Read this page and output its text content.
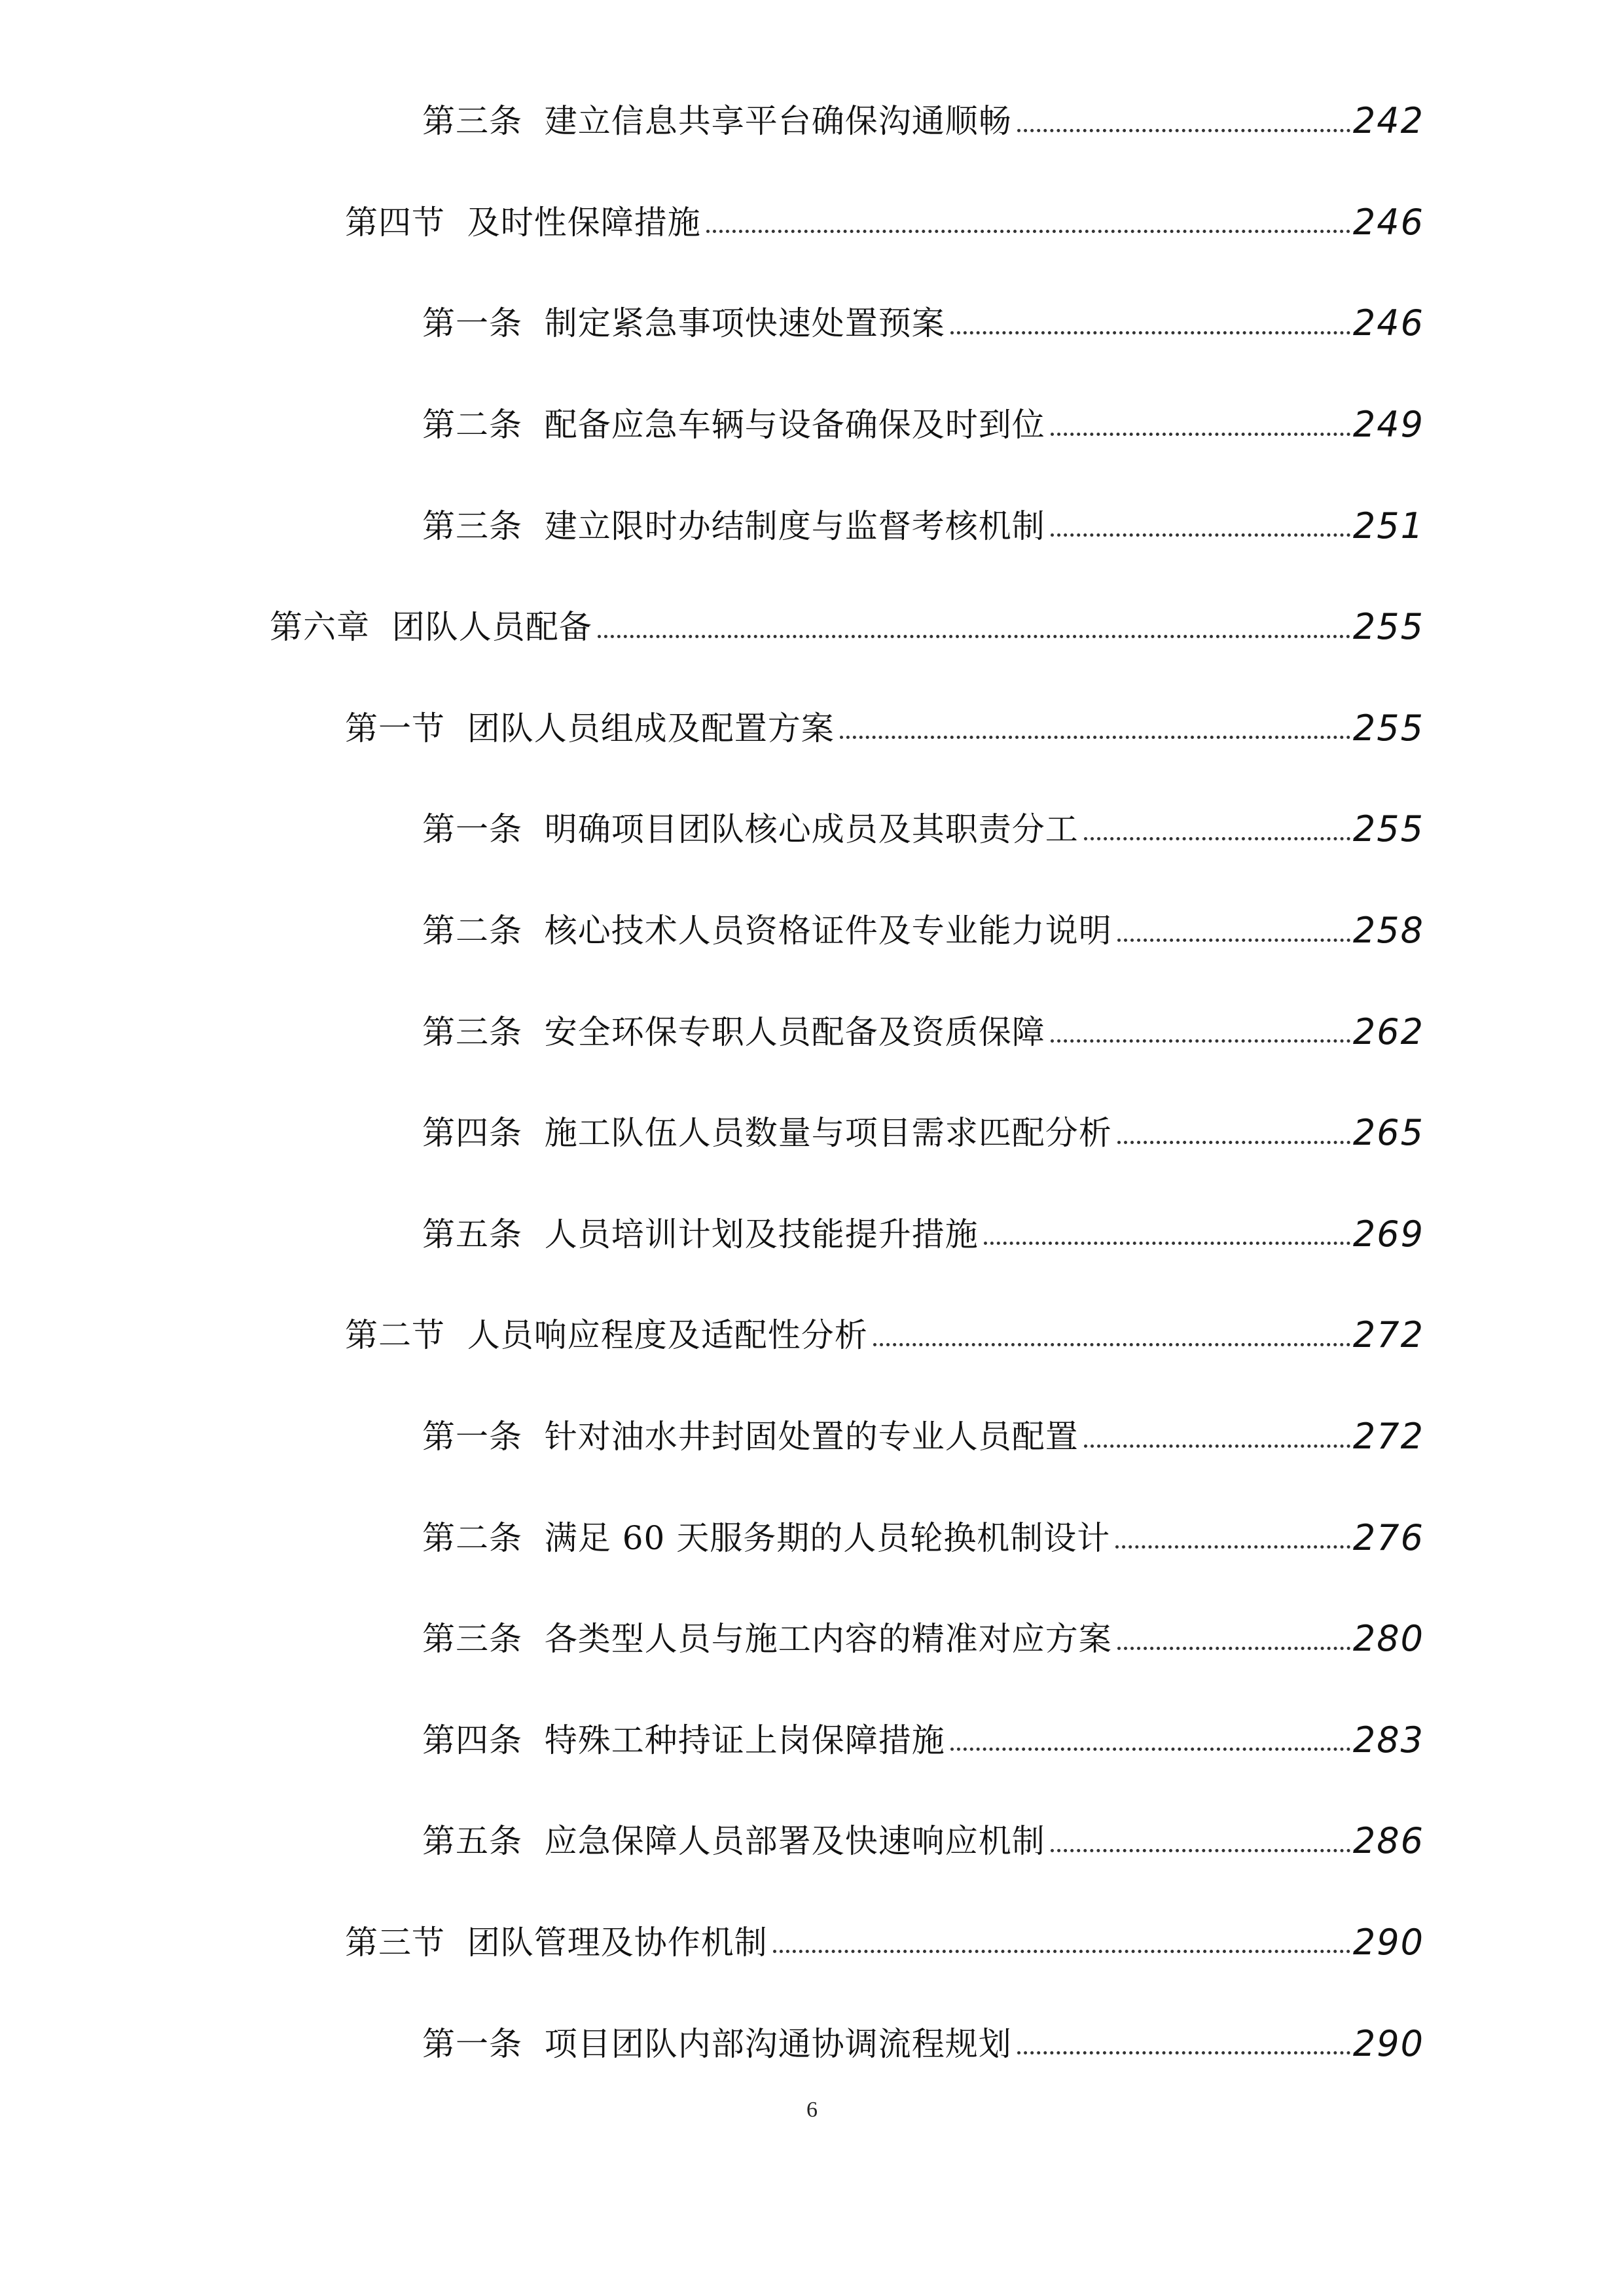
第三条 建立信息共享平台确保沟通顺畅	242
第四节 及时性保障措施	246
第一条 制定紧急事项快速处置预案	246
第二条 配备应急车辆与设备确保及时到位	249
第三条 建立限时办结制度与监督考核机制	251
第六章 团队人员配备	255
第一节 团队人员组成及配置方案	255
第一条 明确项目团队核心成员及其职责分工	255
第二条 核心技术人员资格证件及专业能力说明	258
第三条 安全环保专职人员配备及资质保障	262
第四条 施工队伍人员数量与项目需求匹配分析	265
第五条 人员培训计划及技能提升措施	269
第二节 人员响应程度及适配性分析	272
第一条 针对油水井封固处置的专业人员配置	272
第二条 满足 60 天服务期的人员轮换机制设计	276
第三条 各类型人员与施工内容的精准对应方案	280
第四条 特殊工种持证上岗保障措施	283
第五条 应急保障人员部署及快速响应机制	286
第三节 团队管理及协作机制	290
第一条 项目团队内部沟通协调流程规划	290
6
